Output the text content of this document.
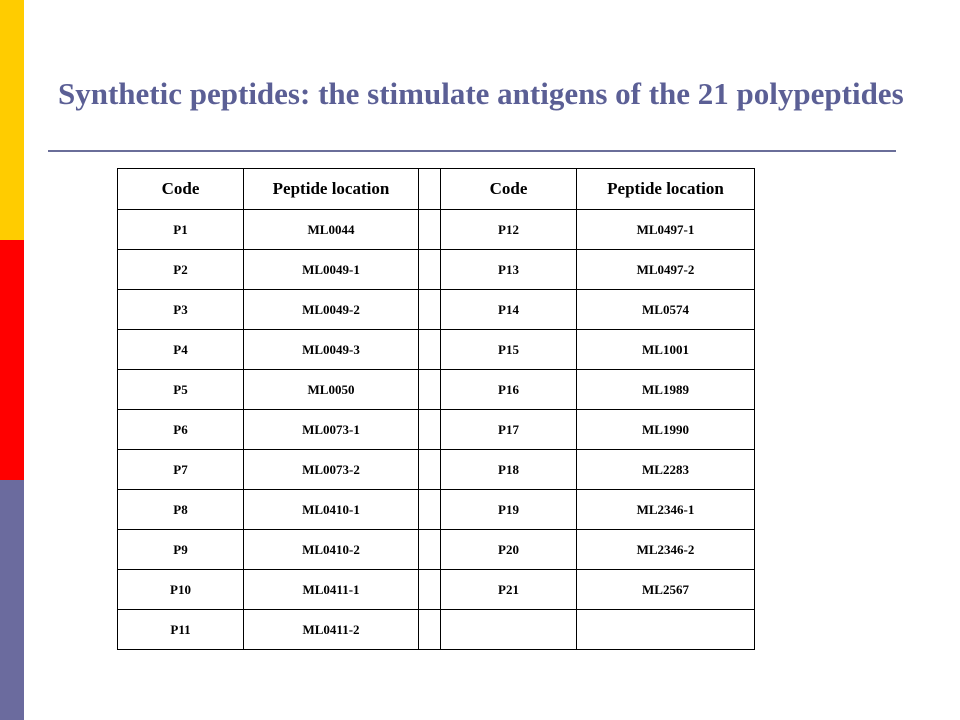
Synthetic peptides: the stimulate antigens of the 21 polypeptides
Code	Peptide location		Code	Peptide location
P1	ML0044		P12	ML0497-1
P2	ML0049-1		P13	ML0497-2
P3	ML0049-2		P14	ML0574
P4	ML0049-3		P15	ML1001
P5	ML0050		P16	ML1989
P6	ML0073-1		P17	ML1990
P7	ML0073-2		P18	ML2283
P8	ML0410-1		P19	ML2346-1
P9	ML0410-2		P20	ML2346-2
P10	ML0411-1		P21	ML2567
P11	ML0411-2			
